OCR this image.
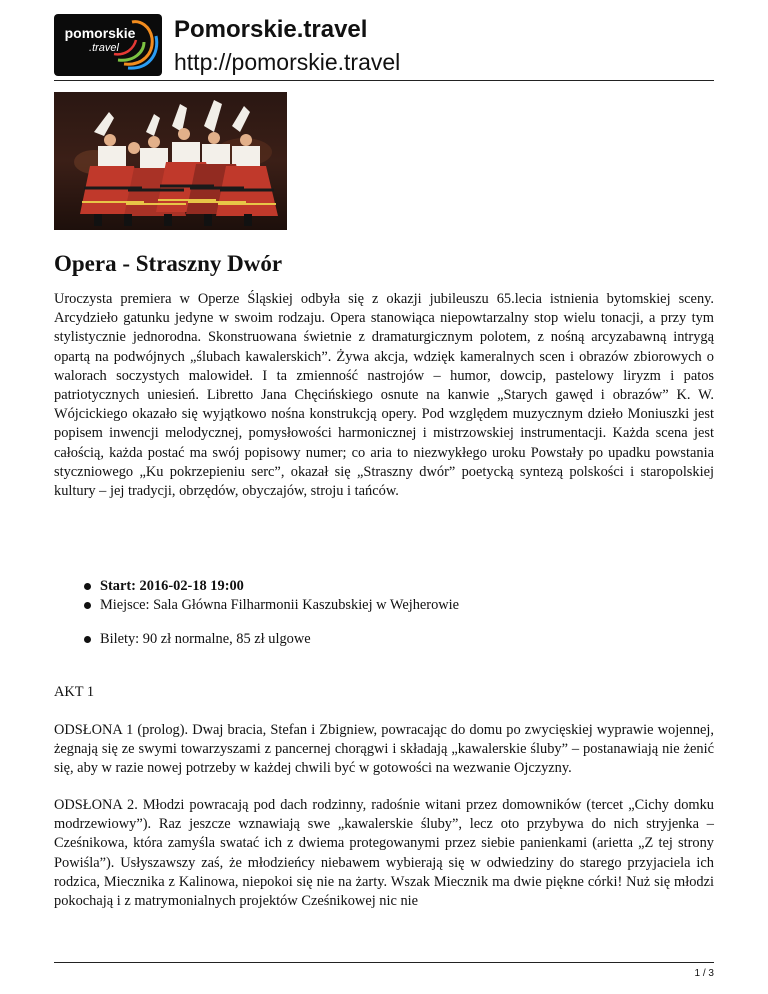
pomorskie
.travel
Pomorskie.travel
http://pomorskie.travel
Opera - Straszny Dwór

Uroczysta premiera w Operze Śląskiej odbyła się z okazji jubileuszu 65.lecia istnienia bytomskiej sceny. Arcydzieło gatunku jedyne w swoim rodzaju. Opera stanowiąca niepowtarzalny stop wielu tonacji, a przy tym stylistycznie jednorodna. Skonstruowana świetnie z dramaturgicznym polotem, z nośną arcyzabawną intrygą opartą na podwójnych „ślubach kawalerskich”. Żywa akcja, wdzięk kameralnych scen i obrazów zbiorowych o walorach soczystych malowideł. I ta zmienność nastrojów – humor, dowcip, pastelowy liryzm i patos patriotycznych uniesień. Libretto Jana Chęcińskiego osnute na kanwie „Starych gawęd i obrazów” K. W. Wójcickiego okazało się wyjątkowo nośna konstrukcją opery. Pod względem muzycznym dzieło Moniuszki jest popisem inwencji melodycznej, pomysłowości harmonicznej i mistrzowskiej instrumentacji. Każda scena jest całością, każda postać ma swój popisowy numer; co aria to niezwykłego uroku Powstały po upadku powstania styczniowego „Ku pokrzepieniu serc”, okazał się „Straszny dwór” poetycką syntezą polskości i staropolskiej kultury – jej tradycji, obrzędów, obyczajów, stroju i tańców.

Start: 2016-02-18 19:00
Miejsce: Sala Główna Filharmonii Kaszubskiej w Wejherowie
Bilety: 90 zł normalne, 85 zł ulgowe
AKT 1

ODSŁONA 1 (prolog). Dwaj bracia, Stefan i Zbigniew, powracając do domu po zwycięskiej wyprawie wojennej, żegnają się ze swymi towarzyszami z pancernej chorągwi i składają „kawalerskie śluby” – postanawiają nie żenić się, aby w razie nowej potrzeby w każdej chwili być w gotowości na wezwanie Ojczyzny.

ODSŁONA 2. Młodzi powracają pod dach rodzinny, radośnie witani przez domowników (tercet „Cichy domku modrzewiowy”). Raz jeszcze wznawiają swe „kawalerskie śluby”, lecz oto przybywa do nich stryjenka – Cześnikowa, która zamyśla swatać ich z dwiema protegowanymi przez siebie panienkami (arietta „Z tej strony Powiśla”). Usłyszawszy zaś, że młodzieńcy niebawem wybierają się w odwiedziny do starego przyjaciela ich rodzica, Miecznika z Kalinowa, niepokoi się nie na żarty. Wszak Miecznik ma dwie piękne córki! Nuż się młodzi pokochają i z matrymonialnych projektów Cześnikowej nic nie

1 / 3
